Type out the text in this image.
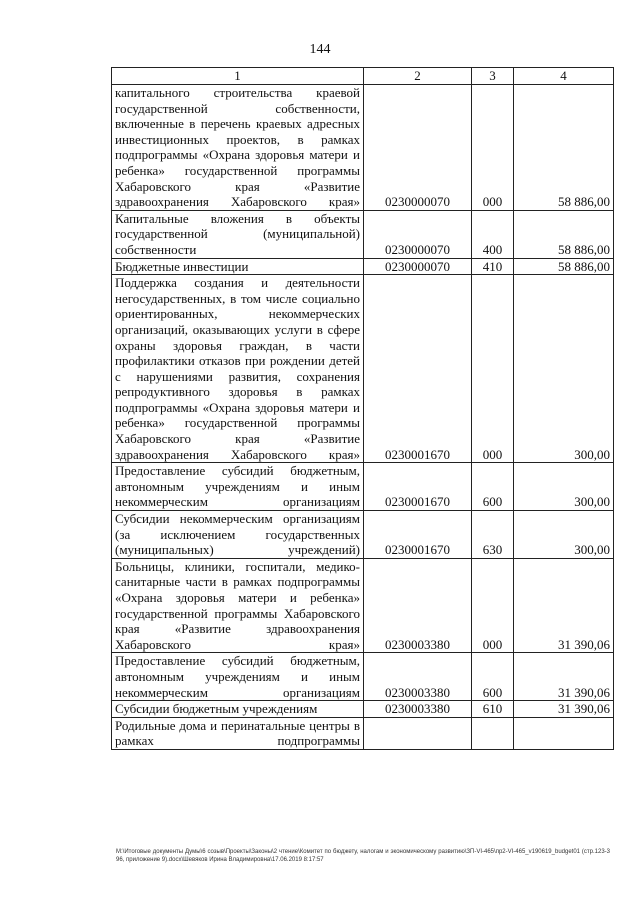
144
1	2	3	4
капитального строительства краевой государственной собственности, включенные в перечень краевых адресных инвестиционных проектов, в рамках подпрограммы «Охрана здоровья матери и ребенка» государственной программы Хабаровского края «Развитие здравоохранения Хабаровского края»	0230000070	000	58 886,00
Капитальные вложения в объекты государственной (муниципальной) собственности	0230000070	400	58 886,00
Бюджетные инвестиции	0230000070	410	58 886,00
Поддержка создания и деятельности негосударственных, в том числе социально ориентированных, некоммерческих организаций, оказывающих услуги в сфере охраны здоровья граждан, в части профилактики отказов при рождении детей с нарушениями развития, сохранения репродуктивного здоровья в рамках подпрограммы «Охрана здоровья матери и ребенка» государственной программы Хабаровского края «Развитие здравоохранения Хабаровского края»	0230001670	000	300,00
Предоставление субсидий бюджетным, автономным учреждениям и иным некоммерческим организациям	0230001670	600	300,00
Субсидии некоммерческим организациям (за исключением государственных (муниципальных) учреждений)	0230001670	630	300,00
Больницы, клиники, госпитали, медико-санитарные части в рамках подпрограммы «Охрана здоровья матери и ребенка» государственной программы Хабаровского края «Развитие здравоохранения Хабаровского края»	0230003380	000	31 390,06
Предоставление субсидий бюджетным, автономным учреждениям и иным некоммерческим организациям	0230003380	600	31 390,06
Субсидии бюджетным учреждениям	0230003380	610	31 390,06
Родильные дома и перинатальные центры в рамках подпрограммы			
M:\Итоговые документы Думы\6 созыв\Проекты\Законы\2 чтение\Комитет по бюджету, налогам и экономическому развитию\ЗП-VI-465\пр2-VI-465_v190619_budget01 (стр.123-396, приложение 9).docx\Шевяков Ирина Владимировна\17.06.2019 8:17:57
